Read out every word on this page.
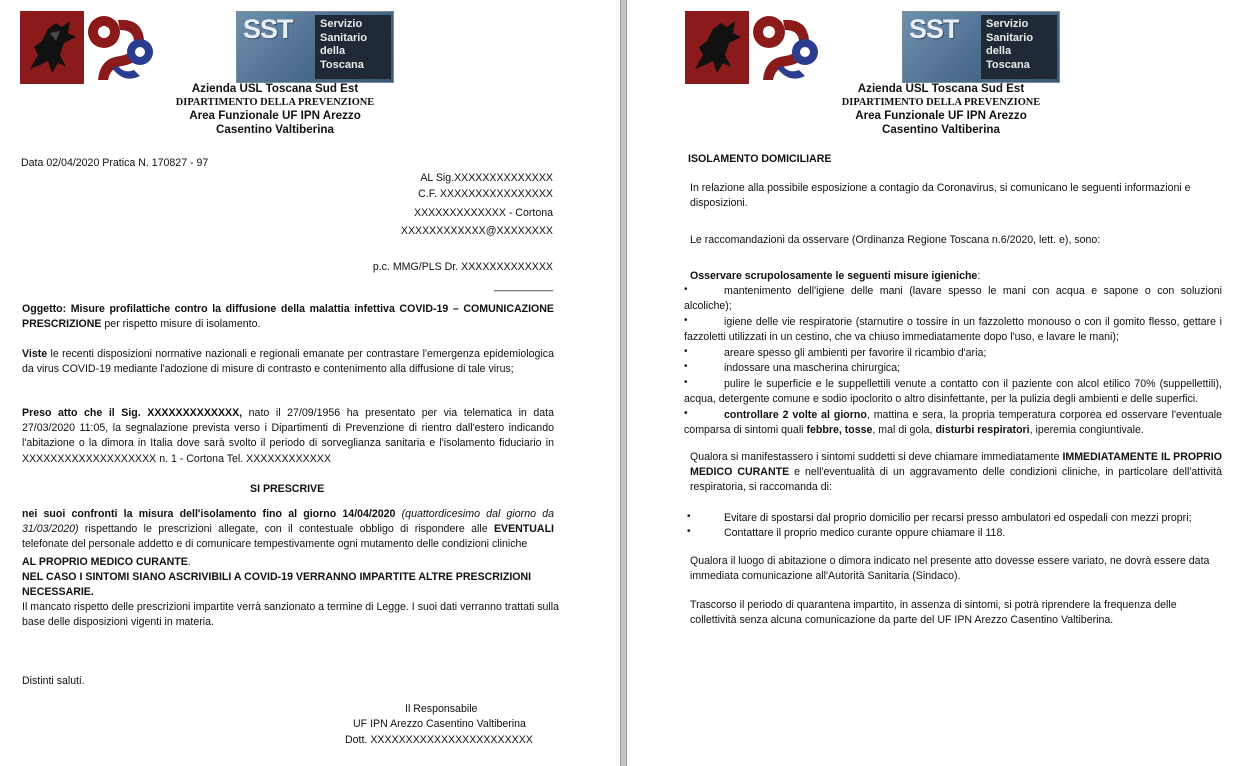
SST Servizio
Sanitario
della
Toscana
Azienda USL Toscana Sud Est
DIPARTIMENTO DELLA PREVENZIONE
Area Funzionale UF IPN Arezzo
Casentino Valtiberina
Data 02/04/2020 Pratica N. 170827 - 97
AL Sig.XXXXXXXXXXXXXX
C.F. XXXXXXXXXXXXXXXX
XXXXXXXXXXXXX - Cortona
XXXXXXXXXXXX@XXXXXXXX
p.c. MMG/PLS Dr. XXXXXXXXXXXXX
__________
Oggetto: Misure profilattiche contro la diffusione della malattia infettiva COVID-19 – COMUNICAZIONE PRESCRIZIONE per rispetto misure di isolamento.
Viste le recenti disposizioni normative nazionali e regionali emanate per contrastare l'emergenza epidemiologica da virus COVID-19 mediante l'adozione di misure di contrasto e contenimento alla diffusione di tale virus;
Preso atto che il Sig. XXXXXXXXXXXXX, nato il 27/09/1956 ha presentato per via telematica in data 27/03/2020 11:05, la segnalazione prevista verso i Dipartimenti di Prevenzione di rientro dall'estero indicando l'abitazione o la dimora in Italia dove sarà svolto il periodo di sorveglianza sanitaria e l'isolamento fiduciario in XXXXXXXXXXXXXXXXXXX n. 1 - Cortona Tel. XXXXXXXXXXXX
SI PRESCRIVE
nei suoi confronti la misura dell'isolamento fino al giorno 14/04/2020 (quattordicesimo dal giorno da 31/03/2020) rispettando le prescrizioni allegate, con il contestuale obbligo di rispondere alle EVENTUALI telefonate del personale addetto e di comunicare tempestivamente ogni mutamento delle condizioni cliniche
AL PROPRIO MEDICO CURANTE.
NEL CASO I SINTOMI SIANO ASCRIVIBILI A COVID-19 VERRANNO IMPARTITE ALTRE PRESCRIZIONI NECESSARIE.
Il mancato rispetto delle prescrizioni impartite verrà sanzionato a termine di Legge. I suoi dati verranno trattati sulla base delle disposizioni vigenti in materia.
Distinti saluti.
Il Responsabile
UF IPN Arezzo Casentino Valtiberina
Dott. XXXXXXXXXXXXXXXXXXXXXXX
SST Servizio
Sanitario
della
Toscana
Azienda USL Toscana Sud Est
DIPARTIMENTO DELLA PREVENZIONE
Area Funzionale UF IPN Arezzo
Casentino Valtiberina
ISOLAMENTO DOMICILIARE
In relazione alla possibile esposizione a contagio da Coronavirus, si comunicano le seguenti informazioni e disposizioni.
Le raccomandazioni da osservare (Ordinanza Regione Toscana n.6/2020, lett. e), sono:
Osservare scrupolosamente le seguenti misure igieniche:
•	mantenimento dell'igiene delle mani (lavare spesso le mani con acqua e sapone o con soluzioni alcoliche);
•	igiene delle vie respiratorie (starnutire o tossire in un fazzoletto monouso o con il gomito flesso, gettare i fazzoletti utilizzati in un cestino, che va chiuso immediatamente dopo l'uso, e lavare le mani);
•	areare spesso gli ambienti per favorire il ricambio d'aria;
•	indossare una mascherina chirurgica;
•	pulire le superficie e le suppellettili venute a contatto con il paziente con alcol etilico 70% (suppellettili), acqua, detergente comune e sodio ipoclorito o altro disinfettante, per la pulizia degli ambienti e delle superfici.
•	controllare 2 volte al giorno, mattina e sera, la propria temperatura corporea ed osservare l'eventuale comparsa di sintomi quali febbre, tosse, mal di gola, disturbi respiratori, iperemia congiuntivale.
Qualora si manifestassero i sintomi suddetti si deve chiamare immediatamente IMMEDIATAMENTE IL PROPRIO MEDICO CURANTE e nell'eventualità di un aggravamento delle condizioni cliniche, in particolare dell'attività respiratoria, si raccomanda di:
•	Evitare di spostarsi dal proprio domicilio per recarsi presso ambulatori ed ospedali con mezzi propri;
•	Contattare il proprio medico curante oppure chiamare il 118.
Qualora il luogo di abitazione o dimora indicato nel presente atto dovesse essere variato, ne dovrà essere data immediata comunicazione all'Autorità Sanitaria (Sindaco).
Trascorso il periodo di quarantena impartito, in assenza di sintomi, si potrà riprendere la frequenza delle collettività senza alcuna comunicazione da parte del UF IPN Arezzo Casentino Valtiberina.
